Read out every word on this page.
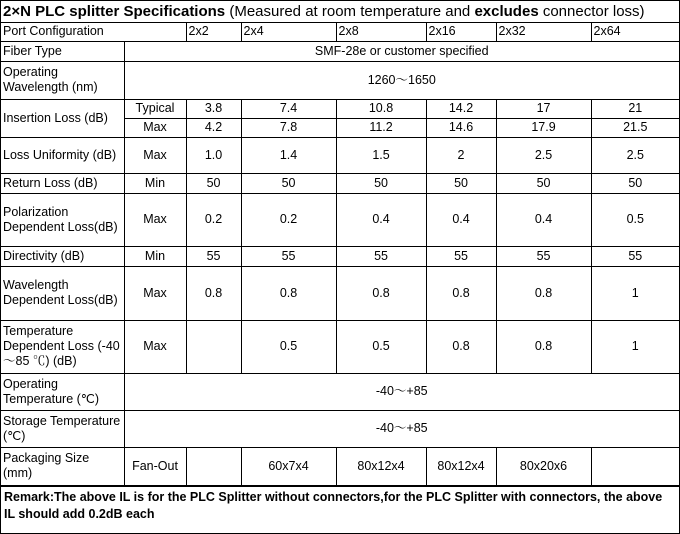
2×N PLC splitter Specifications (Measured at room temperature and excludes connector loss)
Port Configuration		2x2	2x4	2x8	2x16	2x32	2x64
Fiber Type	SMF-28e or customer specified						
Operating Wavelength (nm)	1260～1650						
Insertion Loss (dB)	Typical	3.8	7.4	10.8	14.2	17	21
	Max	4.2	7.8	11.2	14.6	17.9	21.5
Loss Uniformity (dB)	Max	1.0	1.4	1.5	2	2.5	2.5
Return Loss (dB)	Min	50	50	50	50	50	50
Polarization Dependent Loss(dB)	Max	0.2	0.2	0.4	0.4	0.4	0.5
Directivity (dB)	Min	55	55	55	55	55	55
Wavelength Dependent Loss(dB)	Max	0.8	0.8	0.8	0.8	0.8	1
Temperature Dependent Loss (-40～85 ℃) (dB)	Max		0.5	0.5	0.8	0.8	1
Operating Temperature (℃)	-40～+85						
Storage Temperature (℃)	-40～+85						
Packaging Size (mm)	Fan-Out		60x7x4	80x12x4	80x12x4	80x20x6	
Remark:The above IL is for the PLC Splitter without connectors,for the PLC Splitter with connectors, the above IL should add 0.2dB each
